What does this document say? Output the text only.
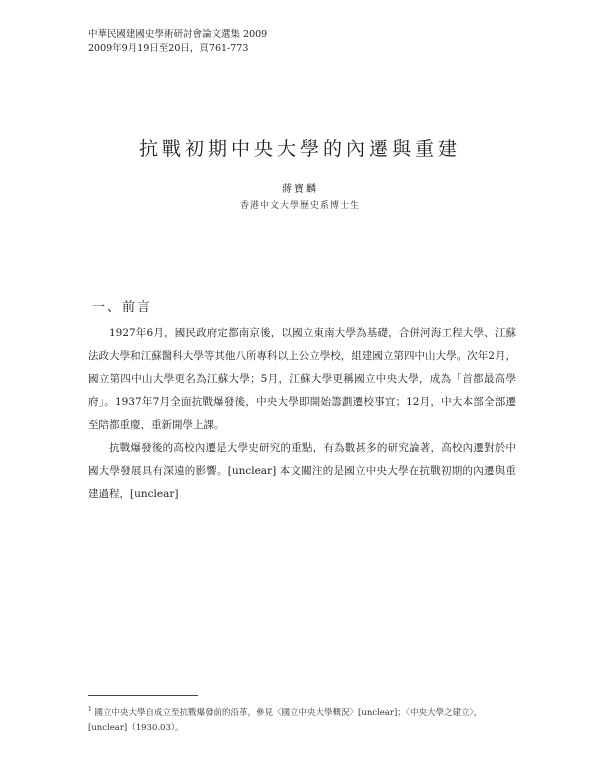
中華民國建國史學術研討會論文選集 2009
2009年9月19日至20日，頁761-773
抗戰初期中央大學的內遷與重建
蔣寶麟
香港中文大學歷史系博士生
一、前言

1927年6月，國民政府定都南京後，以國立東南大學為基礎，合併河海工程大學、江蘇法政大學和江蘇醫科大學等其他八所專科以上公立學校，組建國立第四中山大學。次年2月，國立第四中山大學更名為江蘇大學；5月，江蘇大學更稱國立中央大學，成為「首都最高學府」。1937年7月全面抗戰爆發後，中央大學即開始籌劃遷校事宜；12月，中大本部全部遷至陪都重慶，重新開學上課。

抗戰爆發後的高校內遷是大學史研究的重點，有為數甚多的研究論著，高校內遷對於中國大學發展具有深遠的影響。[unclear] 本文關注的是國立中央大學在抗戰初期的內遷與重建過程，[unclear]

$^1$ 國立中央大學自成立至抗戰爆發前的沿革，參見〈國立中央大學概況〉[unclear]；〈中央大學之建立〉，[unclear]（1930.03）。
